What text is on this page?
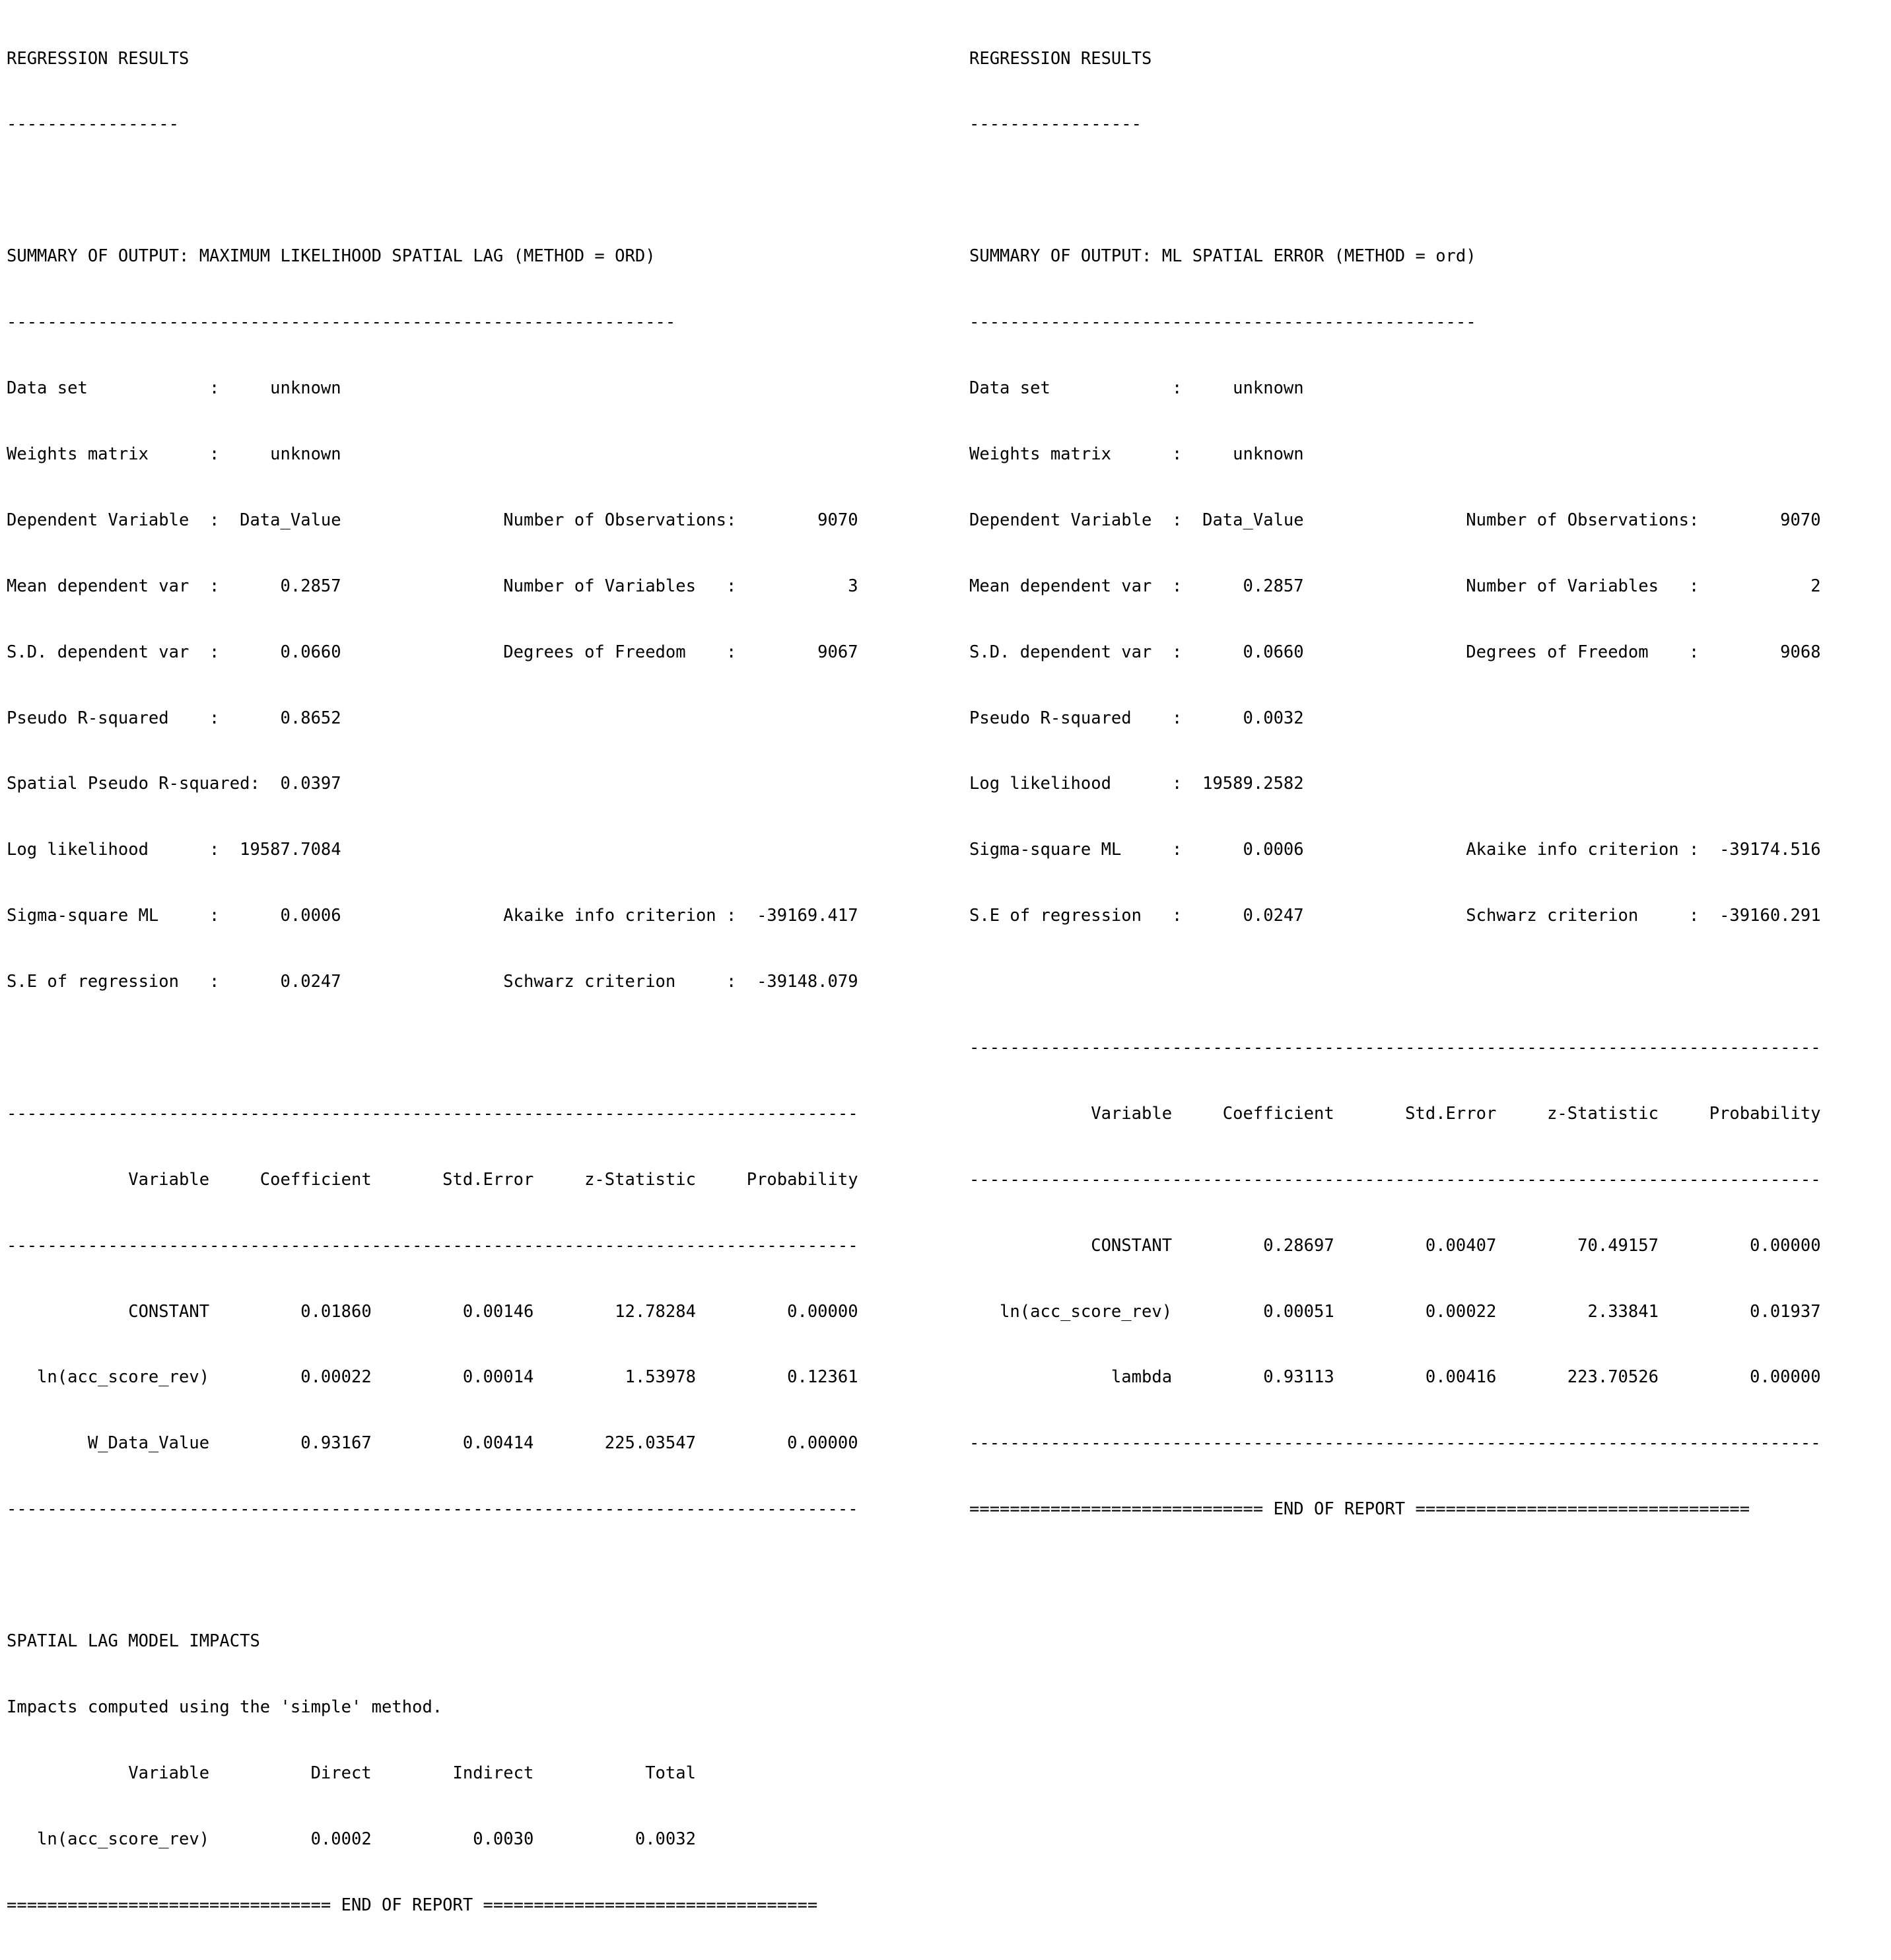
REGRESSION RESULTS

-----------------

SUMMARY OF OUTPUT: MAXIMUM LIKELIHOOD SPATIAL LAG (METHOD = ORD)

------------------------------------------------------------------

Data set            :     unknown

Weights matrix      :     unknown

Dependent Variable  :  Data_Value                Number of Observations:        9070

Mean dependent var  :      0.2857                Number of Variables   :           3

S.D. dependent var  :      0.0660                Degrees of Freedom    :        9067

Pseudo R-squared    :      0.8652

Spatial Pseudo R-squared:  0.0397

Log likelihood      :  19587.7084

Sigma-square ML     :      0.0006                Akaike info criterion :  -39169.417

S.E of regression   :      0.0247                Schwarz criterion     :  -39148.079

------------------------------------------------------------------------------------

Variable     Coefficient       Std.Error     z-Statistic     Probability

------------------------------------------------------------------------------------

CONSTANT         0.01860         0.00146        12.78284         0.00000

ln(acc_score_rev)         0.00022         0.00014         1.53978         0.12361

W_Data_Value         0.93167         0.00414       225.03547         0.00000

------------------------------------------------------------------------------------

SPATIAL LAG MODEL IMPACTS

Impacts computed using the 'simple' method.

Variable          Direct        Indirect           Total

ln(acc_score_rev)          0.0002          0.0030          0.0032

================================ END OF REPORT =================================

REGRESSION RESULTS

-----------------

SUMMARY OF OUTPUT: ML SPATIAL ERROR (METHOD = ord)

--------------------------------------------------

Data set            :     unknown

Weights matrix      :     unknown

Dependent Variable  :  Data_Value                Number of Observations:        9070

Mean dependent var  :      0.2857                Number of Variables   :           2

S.D. dependent var  :      0.0660                Degrees of Freedom    :        9068

Pseudo R-squared    :      0.0032

Log likelihood      :  19589.2582

Sigma-square ML     :      0.0006                Akaike info criterion :  -39174.516

S.E of regression   :      0.0247                Schwarz criterion     :  -39160.291

------------------------------------------------------------------------------------

Variable     Coefficient       Std.Error     z-Statistic     Probability

------------------------------------------------------------------------------------

CONSTANT         0.28697         0.00407        70.49157         0.00000

ln(acc_score_rev)         0.00051         0.00022         2.33841         0.01937

lambda         0.93113         0.00416       223.70526         0.00000

------------------------------------------------------------------------------------

============================= END OF REPORT =================================
